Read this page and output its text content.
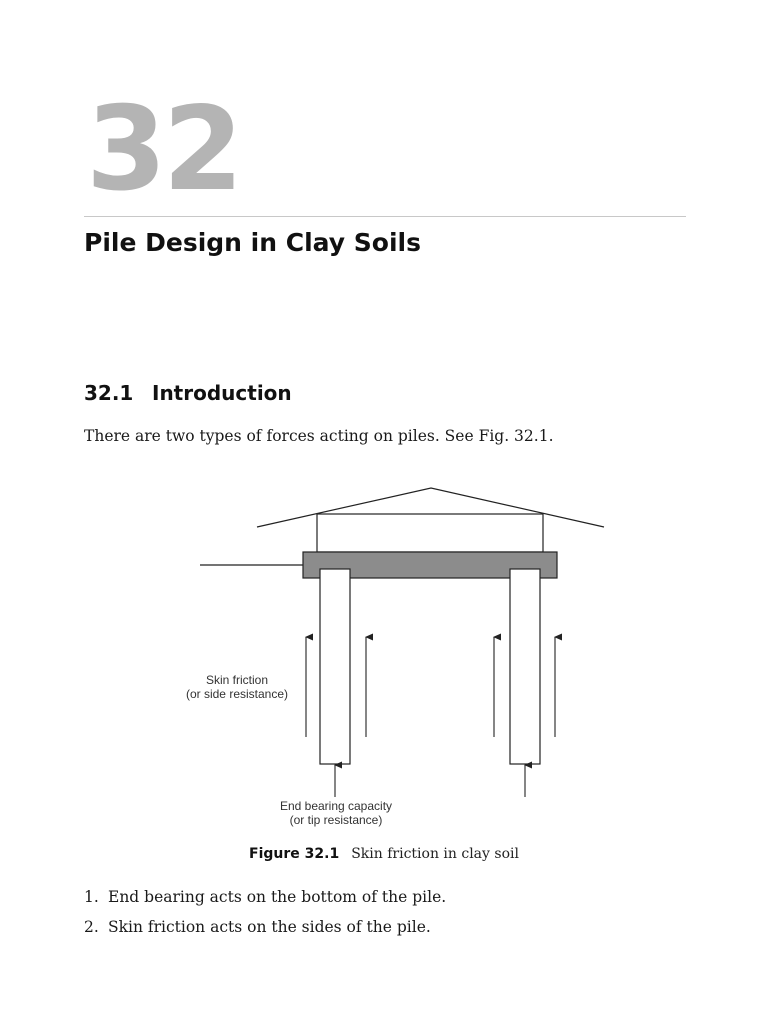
32
Pile Design in Clay Soils
32.1 Introduction
There are two types of forces acting on piles. See Fig. 32.1.
Skin friction
(or side resistance)
End bearing capacity
(or tip resistance)
Figure 32.1 Skin friction in clay soil
1. End bearing acts on the bottom of the pile.
2. Skin friction acts on the sides of the pile.
